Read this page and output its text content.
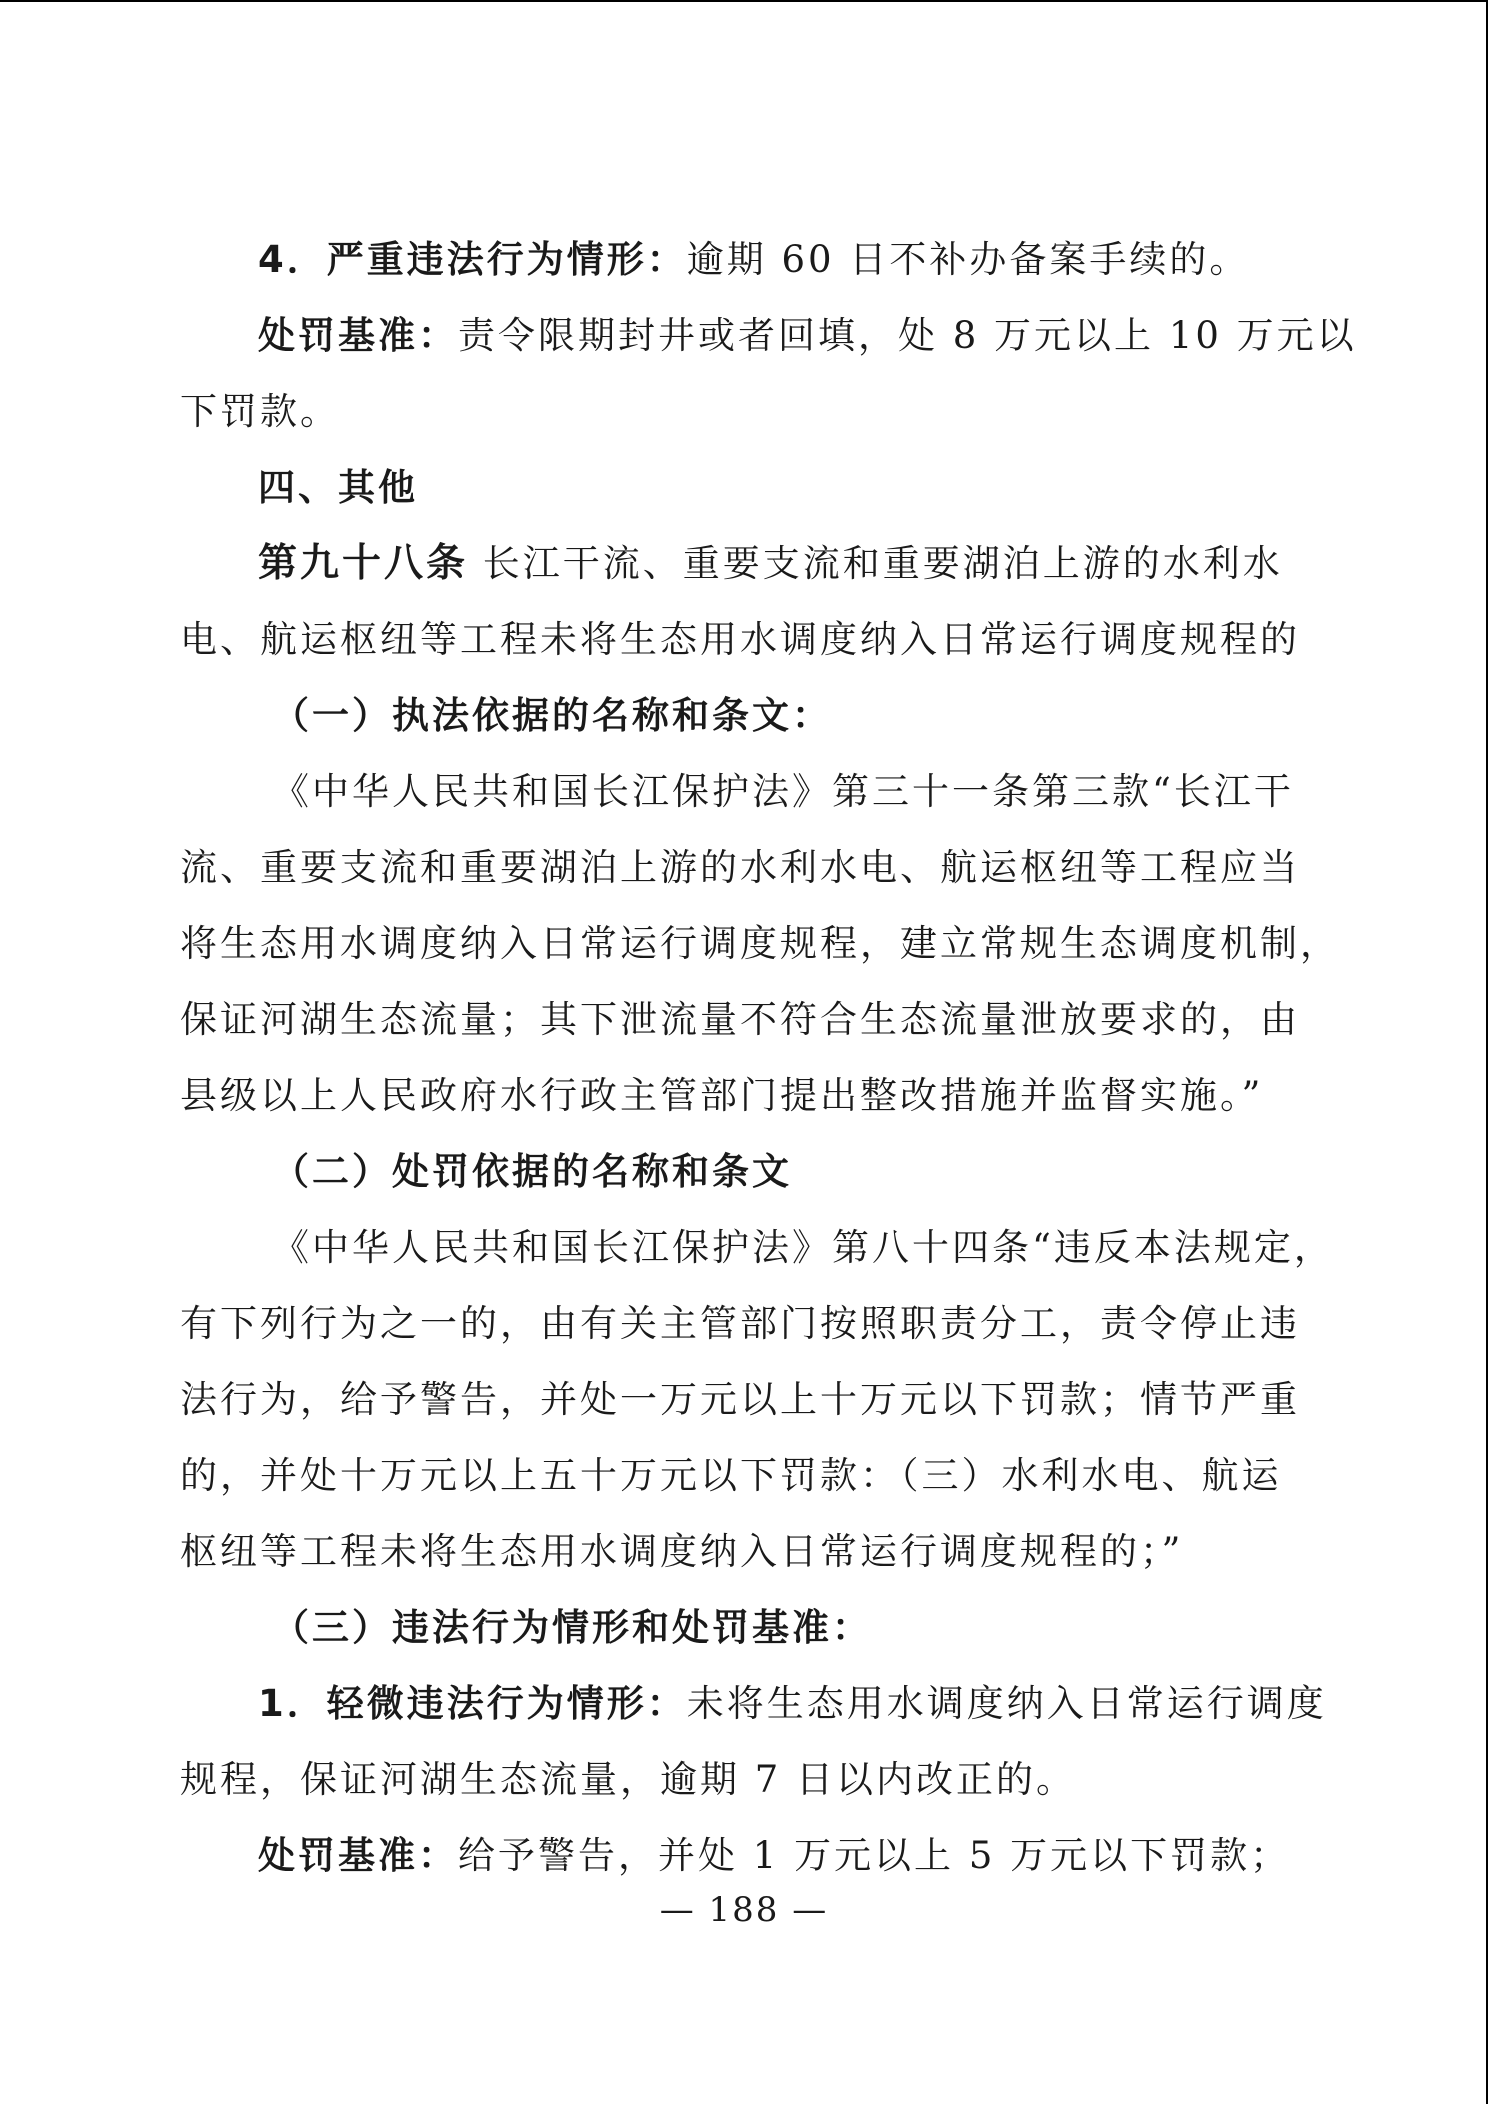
4．严重违法行为情形：逾期 60 日不补办备案手续的。
处罚基准：责令限期封井或者回填，处 8 万元以上 10 万元以
下罚款。
四、其他
第九十八条 长江干流、重要支流和重要湖泊上游的水利水
电、航运枢纽等工程未将生态用水调度纳入日常运行调度规程的
（一）执法依据的名称和条文：
《中华人民共和国长江保护法》第三十一条第三款“长江干
流、重要支流和重要湖泊上游的水利水电、航运枢纽等工程应当
将生态用水调度纳入日常运行调度规程，建立常规生态调度机制，
保证河湖生态流量；其下泄流量不符合生态流量泄放要求的，由
县级以上人民政府水行政主管部门提出整改措施并监督实施。”
（二）处罚依据的名称和条文
《中华人民共和国长江保护法》第八十四条“违反本法规定，
有下列行为之一的，由有关主管部门按照职责分工，责令停止违
法行为，给予警告，并处一万元以上十万元以下罚款；情节严重
的，并处十万元以上五十万元以下罚款：（三）水利水电、航运
枢纽等工程未将生态用水调度纳入日常运行调度规程的；”
（三）违法行为情形和处罚基准：
1．轻微违法行为情形：未将生态用水调度纳入日常运行调度
规程，保证河湖生态流量，逾期 7 日以内改正的。
处罚基准：给予警告，并处 1 万元以上 5 万元以下罚款；
— 188 —
